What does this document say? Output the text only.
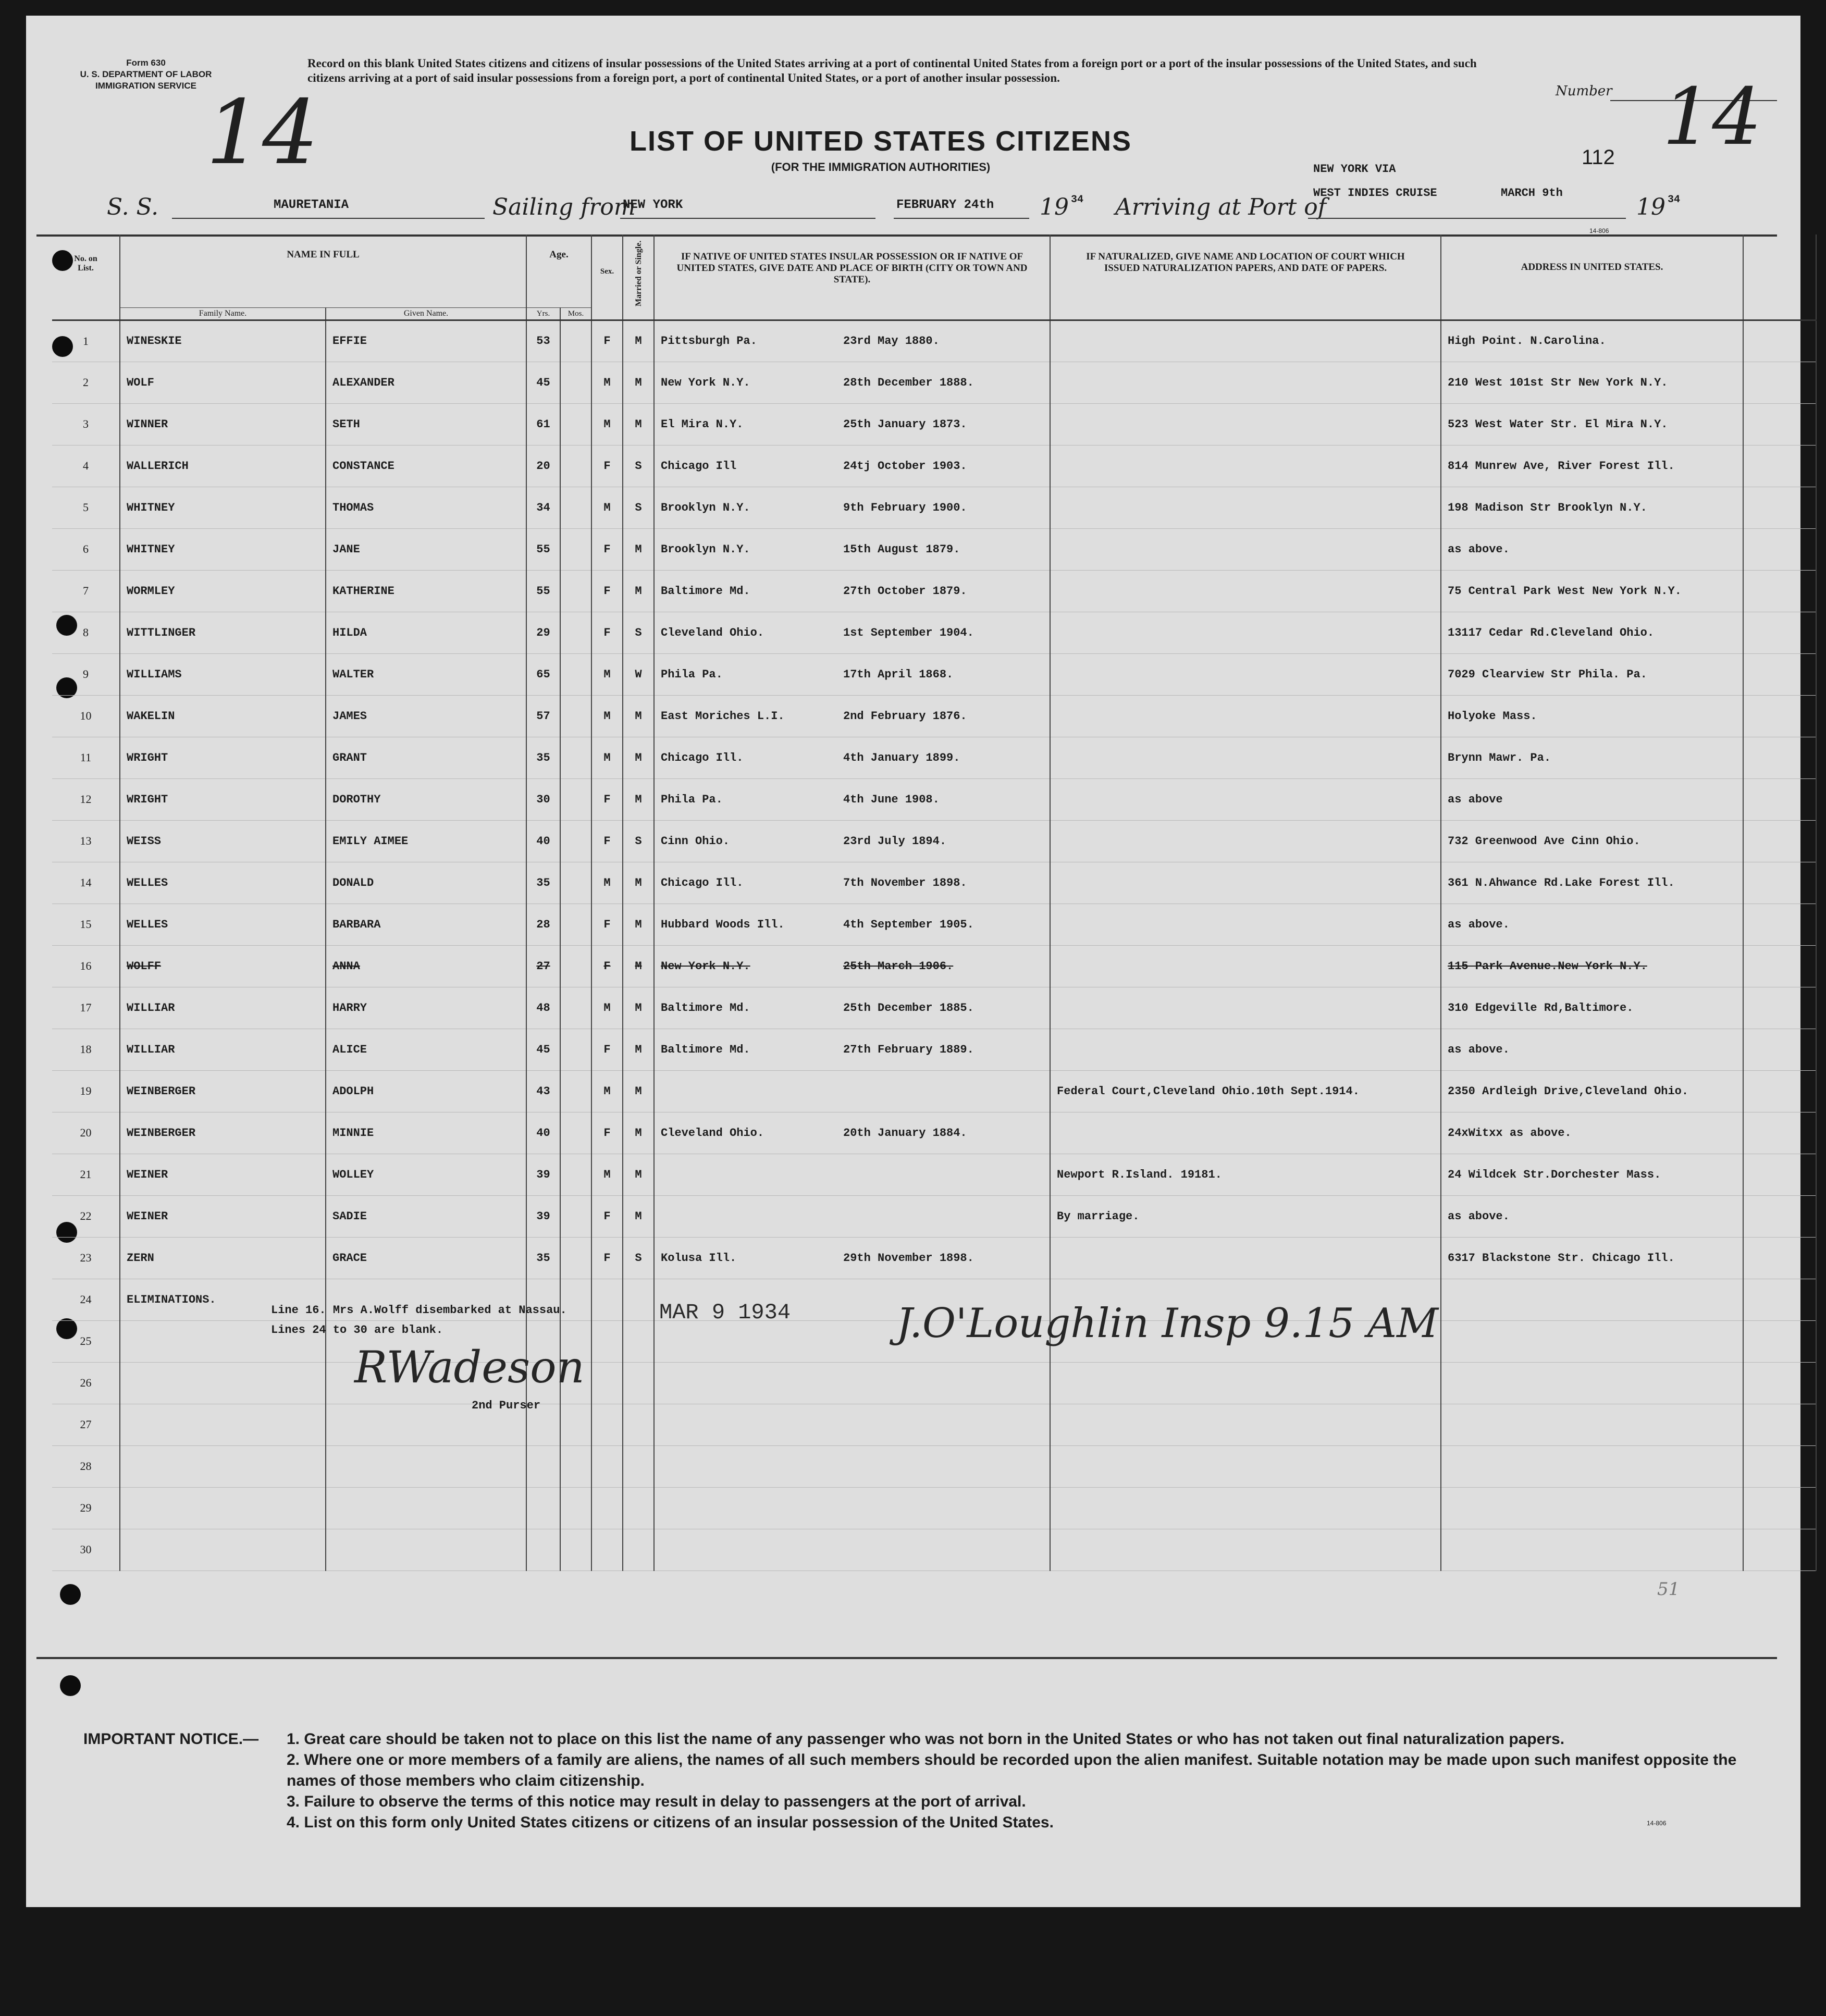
Form 630
U. S. DEPARTMENT OF LABOR
IMMIGRATION SERVICE 14
Record on this blank United States citizens and citizens of insular possessions of the United States arriving at a port of continental United States from a foreign port or a port of the insular possessions of the United States, and such citizens arriving at a port of said insular possessions from a foreign port, a port of continental United States, or a port of another insular possession.
Number 14
LIST OF UNITED STATES CITIZENS
(FOR THE IMMIGRATION AUTHORITIES)	112
S. S.	MAURETANIA	Sailing from
NEW YORK	FEBRUARY 24th 19 34 Arriving at Port of
NEW YORK VIA
WEST INDIES CRUISE	MARCH 9th
19 34
14-806
No. on List.	NAME IN FULL		Age.		Sex.	Married or Single.	IF NATIVE OF UNITED STATES INSULAR POSSESSION OR IF NATIVE OF UNITED STATES, GIVE DATE AND PLACE OF BIRTH (CITY OR TOWN AND STATE).	IF NATURALIZED, GIVE NAME AND LOCATION OF COURT WHICH ISSUED NATURALIZATION PAPERS, AND DATE OF PAPERS.	ADDRESS IN UNITED STATES.	

	Family Name.	Given Name.	Yrs.	Mos.						

1	WINESKIE	EFFIE	53		F	M	Pittsburgh Pa. 23rd May 1880.		High Point. N.Carolina.	
2	WOLF	ALEXANDER	45		M	M	New York N.Y. 28th December 1888.		210 West 101st Str New York N.Y.	
3	WINNER	SETH	61		M	M	El Mira N.Y. 25th January 1873.		523 West Water Str. El Mira N.Y.	
4	WALLERICH	CONSTANCE	20		F	S	Chicago Ill 24tj October 1903.		814 Munrew Ave, River Forest Ill.	
5	WHITNEY	THOMAS	34		M	S	Brooklyn N.Y. 9th February 1900.		198 Madison Str Brooklyn N.Y.	
6	WHITNEY	JANE	55		F	M	Brooklyn N.Y. 15th August 1879.		as above.	
7	WORMLEY	KATHERINE	55		F	M	Baltimore Md. 27th October 1879.		75 Central Park West New York N.Y.	
8	WITTLINGER	HILDA	29		F	S	Cleveland Ohio. 1st September 1904.		13117 Cedar Rd.Cleveland Ohio.	
9	WILLIAMS	WALTER	65		M	W	Phila Pa. 17th April 1868.		7029 Clearview Str Phila. Pa.	
10	WAKELIN	JAMES	57		M	M	East Moriches L.I. 2nd February 1876.		Holyoke Mass.	
11	WRIGHT	GRANT	35		M	M	Chicago Ill. 4th January 1899.		Brynn Mawr. Pa.	
12	WRIGHT	DOROTHY	30		F	M	Phila Pa. 4th June 1908.		as above	
13	WEISS	EMILY AIMEE	40		F	S	Cinn Ohio. 23rd July 1894.		732 Greenwood Ave Cinn Ohio.	
14	WELLES	DONALD	35		M	M	Chicago Ill. 7th November 1898.		361 N.Ahwance Rd.Lake Forest Ill.	
15	WELLES	BARBARA	28		F	M	Hubbard Woods Ill. 4th September 1905.		as above.	
16	WOLFF	ANNA	27		F	M	New York N.Y. 25th March 1906.		115 Park Avenue.New York N.Y.	
17	WILLIAR	HARRY	48		M	M	Baltimore Md. 25th December 1885.		310 Edgeville Rd,Baltimore.	
18	WILLIAR	ALICE	45		F	M	Baltimore Md. 27th February 1889.		as above.	
19	WEINBERGER	ADOLPH	43		M	M		Federal Court,Cleveland Ohio.10th Sept.1914.	2350 Ardleigh Drive,Cleveland Ohio.	
20	WEINBERGER	MINNIE	40		F	M	Cleveland Ohio. 20th January 1884.		24xWitxx as above.	
21	WEINER	WOLLEY	39		M	M		Newport R.Island. 19181.	24 Wildcek Str.Dorchester Mass.	
22	WEINER	SADIE	39		F	M		By marriage.	as above.	
23	ZERN	GRACE	35		F	S	Kolusa Ill. 29th November 1898.		6317 Blackstone Str. Chicago Ill.	
24	ELIMINATIONS.									
25										
26										
27										
28										
29										
30										
Line 16. Mrs A.Wolff disembarked at Nassau.
Lines 24 to 30 are blank.
MAR 9 1934
RWadeson
2nd Purser
J.O'Loughlin Insp 9.15 AM
51
IMPORTANT NOTICE.— 1. Great care should be taken not to place on this list the name of any passenger who was not born in the United States or who has not taken out final naturalization papers.
2. Where one or more members of a family are aliens, the names of all such members should be recorded upon the alien manifest. Suitable notation may be made upon such manifest opposite the names of those members who claim citizenship.
3. Failure to observe the terms of this notice may result in delay to passengers at the port of arrival.
4. List on this form only United States citizens or citizens of an insular possession of the United States.	14-806
